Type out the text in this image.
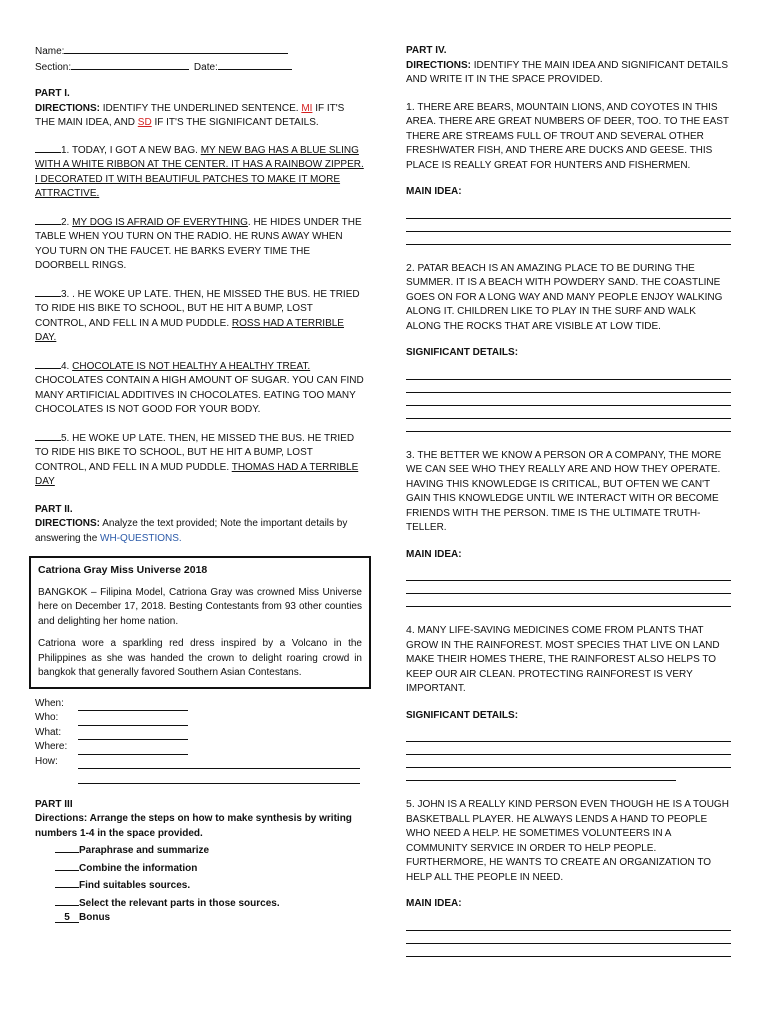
Name:
Section:	Date:
PART I.
DIRECTIONS: IDENTIFY THE UNDERLINED SENTENCE. MI IF IT'S THE MAIN IDEA, AND SD IF IT'S THE SIGNIFICANT DETAILS.
1. TODAY, I GOT A NEW BAG. MY NEW BAG HAS A BLUE SLING WITH A WHITE RIBBON AT THE CENTER. IT HAS A RAINBOW ZIPPER. I DECORATED IT WITH BEAUTIFUL PATCHES TO MAKE IT MORE ATTRACTIVE.
2. MY DOG IS AFRAID OF EVERYTHING. HE HIDES UNDER THE TABLE WHEN YOU TURN ON THE RADIO. HE RUNS AWAY WHEN YOU TURN ON THE FAUCET. HE BARKS EVERY TIME THE DOORBELL RINGS.
3. . HE WOKE UP LATE. THEN, HE MISSED THE BUS. HE TRIED TO RIDE HIS BIKE TO SCHOOL, BUT HE HIT A BUMP, LOST CONTROL, AND FELL IN A MUD PUDDLE. ROSS HAD A TERRIBLE DAY.
4. CHOCOLATE IS NOT HEALTHY A HEALTHY TREAT. CHOCOLATES CONTAIN A HIGH AMOUNT OF SUGAR. YOU CAN FIND MANY ARTIFICIAL ADDITIVES IN CHOCOLATES. EATING TOO MANY CHOCOLATES IS NOT GOOD FOR YOUR BODY.
5. HE WOKE UP LATE. THEN, HE MISSED THE BUS. HE TRIED TO RIDE HIS BIKE TO SCHOOL, BUT HE HIT A BUMP, LOST CONTROL, AND FELL IN A MUD PUDDLE. THOMAS HAD A TERRIBLE DAY
PART II.
DIRECTIONS: Analyze the text provided; Note the important details by answering the WH-QUESTIONS.
Catriona Gray Miss Universe 2018

BANGKOK – Filipina Model, Catriona Gray was crowned Miss Universe here on December 17, 2018. Besting Contestants from 93 other counties and delighting her home nation.

Catriona wore a sparkling red dress inspired by a Volcano in the Philippines as she was handed the crown to delight roaring crowd in bangkok that generally favored Southern Asian Contestans.

When:
Who:
What:
Where:
How:
PART III
Directions: Arrange the steps on how to make synthesis by writing numbers 1-4 in the space provided.
Paraphrase and summarize
Combine the information
Find suitables sources.
Select the relevant parts in those sources.
5 Bonus
PART IV.
DIRECTIONS: IDENTIFY THE MAIN IDEA AND SIGNIFICANT DETAILS AND WRITE IT IN THE SPACE PROVIDED.
1. THERE ARE BEARS, MOUNTAIN LIONS, AND COYOTES IN THIS AREA. THERE ARE GREAT NUMBERS OF DEER, TOO. TO THE EAST THERE ARE STREAMS FULL OF TROUT AND SEVERAL OTHER FRESHWATER FISH, AND THERE ARE DUCKS AND GEESE. THIS PLACE IS REALLY GREAT FOR HUNTERS AND FISHERMEN.
MAIN IDEA:
2. PATAR BEACH IS AN AMAZING PLACE TO BE DURING THE SUMMER. IT IS A BEACH WITH POWDERY SAND. THE COASTLINE GOES ON FOR A LONG WAY AND MANY PEOPLE ENJOY WALKING ALONG IT. CHILDREN LIKE TO PLAY IN THE SURF AND WALK ALONG THE ROCKS THAT ARE VISIBLE AT LOW TIDE.
SIGNIFICANT DETAILS:
3. THE BETTER WE KNOW A PERSON OR A COMPANY, THE MORE WE CAN SEE WHO THEY REALLY ARE AND HOW THEY OPERATE. HAVING THIS KNOWLEDGE IS CRITICAL, BUT OFTEN WE CAN'T GAIN THIS KNOWLEDGE UNTIL WE INTERACT WITH OR BECOME FRIENDS WITH THE PERSON. TIME IS THE ULTIMATE TRUTH-TELLER.
MAIN IDEA:
4. MANY LIFE-SAVING MEDICINES COME FROM PLANTS THAT GROW IN THE RAINFOREST. MOST SPECIES THAT LIVE ON LAND MAKE THEIR HOMES THERE, THE RAINFOREST ALSO HELPS TO KEEP OUR AIR CLEAN. PROTECTING RAINFOREST IS VERY IMPORTANT.
SIGNIFICANT DETAILS:
5. JOHN IS A REALLY KIND PERSON EVEN THOUGH HE IS A TOUGH BASKETBALL PLAYER. HE ALWAYS LENDS A HAND TO PEOPLE WHO NEED A HELP. HE SOMETIMES VOLUNTEERS IN A COMMUNITY SERVICE IN ORDER TO HELP PEOPLE. FURTHERMORE, HE WANTS TO CREATE AN ORGANIZATION TO HELP ALL THE PEOPLE IN NEED.
MAIN IDEA:
